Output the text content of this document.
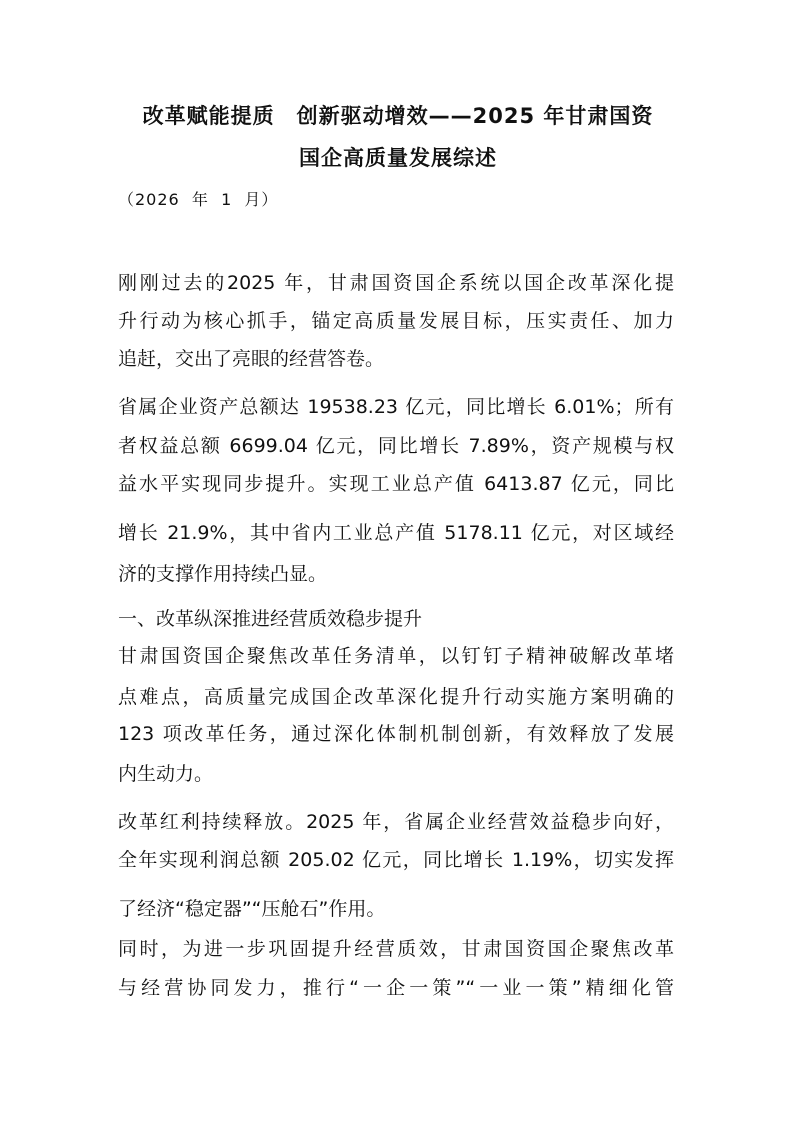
改革赋能提质　创新驱动增效——2025 年甘肃国资
国企高质量发展综述
（2026  年  1  月）
刚刚过去的2025 年，甘肃国资国企系统以国企改革深化提
升行动为核心抓手，锚定高质量发展目标，压实责任、加力
追赶，交出了亮眼的经营答卷。
省属企业资产总额达 19538.23 亿元，同比增长 6.01%；所有
者权益总额 6699.04 亿元，同比增长 7.89%，资产规模与权
益水平实现同步提升。实现工业总产值 6413.87 亿元，同比
增长 21.9%，其中省内工业总产值 5178.11 亿元，对区域经
济的支撑作用持续凸显。
一、改革纵深推进经营质效稳步提升
甘肃国资国企聚焦改革任务清单，以钉钉子精神破解改革堵
点难点，高质量完成国企改革深化提升行动实施方案明确的
123 项改革任务，通过深化体制机制创新，有效释放了发展
内生动力。
改革红利持续释放。2025 年，省属企业经营效益稳步向好，
全年实现利润总额 205.02 亿元，同比增长 1.19%，切实发挥
了经济“稳定器”“压舱石”作用。
同时，为进一步巩固提升经营质效，甘肃国资国企聚焦改革
与经营协同发力，推行“一企一策”“一业一策”精细化管
